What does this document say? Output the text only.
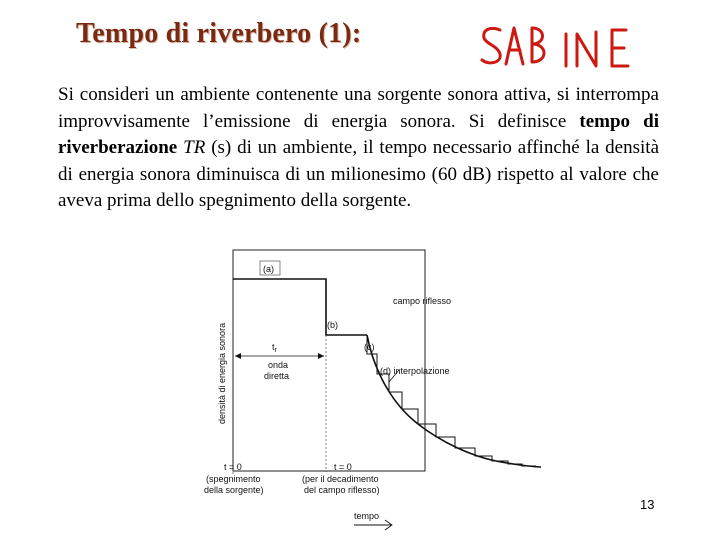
Tempo di riverbero (1):

Si consideri un ambiente contenente una sorgente sonora attiva, si interrompa improvvisamente l’emissione di energia sonora. Si definisce tempo di riverberazione TR (s) di un ambiente, il tempo necessario affinché la densità di energia sonora diminuisca di un milionesimo (60 dB) rispetto al valore che aveva prima dello spegnimento della sorgente.

(a)
campo riflesso
(b)
$t_r$
onda
diretta
(c)
(d) interpolazione
densità di energia sonora
t = 0
(spegnimento
della sorgente)
t = 0
(per il decadimento
del campo riflesso)
tempo
13
